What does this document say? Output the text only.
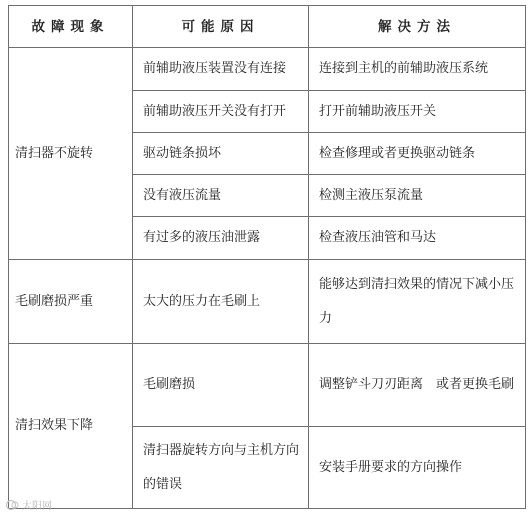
故障现象	可能原因	解决方法
清扫器不旋转	前辅助液压装置没有连接	连接到主机的前辅助液压系统
	前辅助液压开关没有打开	打开前辅助液压开关
	驱动链条损坏	检查修理或者更换驱动链条
	没有液压流量	检测主液压泵流量
	有过多的液压油泄露	检查液压油管和马达
毛刷磨损严重	太大的压力在毛刷上	能够达到清扫效果的情况下减小压力
清扫效果下降	毛刷磨损	调整铲斗刀刃距离　或者更换毛刷
	清扫器旋转方向与主机方向的错误	安装手册要求的方向操作
太阳网
